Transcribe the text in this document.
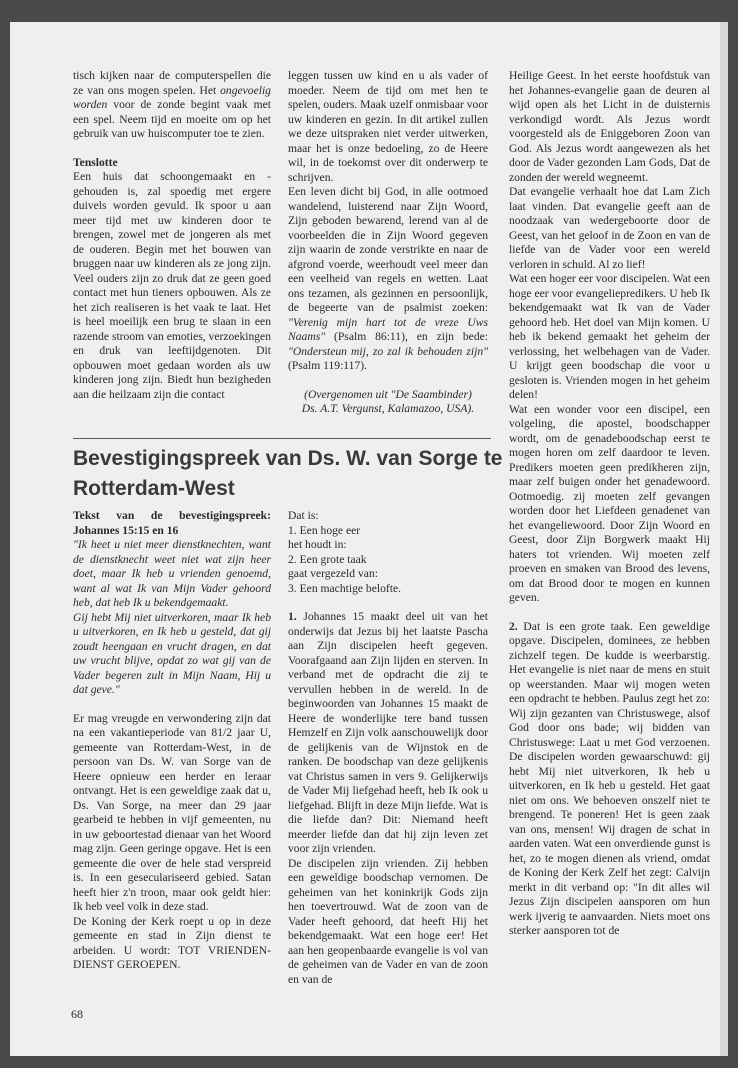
tisch kijken naar de computerspellen die ze van ons mogen spelen. Het ongevoelig worden voor de zonde begint vaak met een spel. Neem tijd en moeite om op het gebruik van uw huiscomputer toe te zien.

Tenslotte

Een huis dat schoongemaakt en - gehouden is, zal spoedig met ergere duivels worden gevuld. Ik spoor u aan meer tijd met uw kinderen door te brengen, zowel met de jongeren als met de ouderen. Begin met het bouwen van bruggen naar uw kinderen als ze jong zijn. Veel ouders zijn zo druk dat ze geen goed contact met hun tieners opbouwen. Als ze het zich realiseren is het vaak te laat. Het is heel moeilijk een brug te slaan in een razende stroom van emoties, verzoekingen en druk van leeftijdgenoten. Dit opbouwen moet gedaan worden als uw kinderen jong zijn. Biedt hun bezigheden aan die heilzaam zijn die contact

leggen tussen uw kind en u als vader of moeder. Neem de tijd om met hen te spelen, ouders. Maak uzelf onmisbaar voor uw kinderen en gezin. In dit artikel zullen we deze uitspraken niet verder uitwerken, maar het is onze bedoeling, zo de Heere wil, in de toekomst over dit onderwerp te schrijven.

Een leven dicht bij God, in alle ootmoed wandelend, luisterend naar Zijn Woord, Zijn geboden bewarend, lerend van al de voorbeelden die in Zijn Woord gegeven zijn waarin de zonde verstrikte en naar de afgrond voerde, weerhoudt veel meer dan een veelheid van regels en wetten. Laat ons tezamen, als gezinnen en persoonlijk, de begeerte van de psalmist zoeken: "Verenig mijn hart tot de vreze Uws Naams" (Psalm 86:11), en zijn bede: "Ondersteun mij, zo zal ik behouden zijn" (Psalm 119:117).

(Overgenomen uit "De Saambinder)
Ds. A.T. Vergunst, Kalamazoo, USA).

Heilige Geest. In het eerste hoofdstuk van het Johannes-evangelie gaan de deuren al wijd open als het Licht in de duisternis verkondigd wordt. Als Jezus wordt voorgesteld als de Eniggeboren Zoon van God. Als Jezus wordt aangewezen als het door de Vader gezonden Lam Gods, Dat de zonden der wereld wegneemt.

Dat evangelie verhaalt hoe dat Lam Zich laat vinden. Dat evangelie geeft aan de noodzaak van wedergeboorte door de Geest, van het geloof in de Zoon en van de liefde van de Vader voor een wereld verloren in schuld. Al zo lief!

Wat een hoger eer voor discipelen. Wat een hoge eer voor evangeliepredikers. U heb Ik bekendgemaakt wat Ik van de Vader gehoord heb. Het doel van Mijn komen. U heb ik bekend gemaakt het geheim der verlossing, het welbehagen van de Vader. U krijgt geen boodschap die voor u gesloten is. Vrienden mogen in het geheim delen!

Wat een wonder voor een discipel, een volgeling, die apostel, boodschapper wordt, om de genadeboodschap eerst te mogen horen om zelf daardoor te leven. Predikers moeten geen predikheren zijn, maar zelf buigen onder het genadewoord. Ootmoedig. zij moeten zelf gevangen worden door het Liefdeen genadenet van het evangeliewoord. Door Zijn Woord en Geest, door Zijn Borgwerk maakt Hij haters tot vrienden. Wij moeten zelf proeven en smaken van Brood des levens, om dat Brood door te mogen en kunnen geven.

2. Dat is een grote taak. Een geweldige opgave. Discipelen, dominees, ze hebben zichzelf tegen. De kudde is weerbarstig. Het evangelie is niet naar de mens en stuit op weerstanden. Maar wij mogen weten een opdracht te hebben. Paulus zegt het zo: Wij zijn gezanten van Christuswege, alsof God door ons bade; wij bidden van Christuswege: Laat u met God verzoenen. De discipelen worden gewaarschuwd: gij hebt Mij niet uitverkoren, Ik heb u uitverkoren, en Ik heb u gesteld. Het gaat niet om ons. We behoeven onszelf niet te brengend. Te poneren! Het is geen zaak van ons, mensen! Wij dragen de schat in aarden vaten. Wat een onverdiende gunst is het, zo te mogen dienen als vriend, omdat de Koning der Kerk Zelf het zegt: Calvijn merkt in dit verband op: "In dit alles wil Jezus Zijn discipelen aansporen om hun werk ijverig te aanvaarden. Niets moet ons sterker aansporen tot de

Bevestigingspreek van Ds. W. van Sorge te Rotterdam-West

Tekst van de bevestigingspreek: Johannes 15:15 en 16

"Ik heet u niet meer dienstknechten, want de dienstknecht weet niet wat zijn heer doet, maar Ik heb u vrienden genoemd, want al wat Ik van Mijn Vader gehoord heb, dat heb Ik u bekendgemaakt.

Gij hebt Mij niet uitverkoren, maar Ik heb u uitverkoren, en Ik heb u gesteld, dat gij zoudt heengaan en vrucht dragen, en dat uw vrucht blijve, opdat zo wat gij van de Vader begeren zult in Mijn Naam, Hij u dat geve."

Er mag vreugde en verwondering zijn dat na een vakantieperiode van 81/2 jaar U, gemeente van Rotterdam-West, in de persoon van Ds. W. van Sorge van de Heere opnieuw een herder en leraar ontvangt. Het is een geweldige zaak dat u, Ds. Van Sorge, na meer dan 29 jaar gearbeid te hebben in vijf gemeenten, nu in uw geboortestad dienaar van het Woord mag zijn. Geen geringe opgave. Het is een gemeente die over de hele stad verspreid is. In een geseculariseerd gebied. Satan heeft hier z'n troon, maar ook geldt hier: Ik heb veel volk in deze stad.

De Koning der Kerk roept u op in deze gemeente en stad in Zijn dienst te arbeiden. U wordt: TOT VRIENDEN-DIENST GEROEPEN.

Dat is:

1. Een hoge eer

het houdt in:

2. Een grote taak

gaat vergezeld van:

3. Een machtige belofte.

1. Johannes 15 maakt deel uit van het onderwijs dat Jezus bij het laatste Pascha aan Zijn discipelen heeft gegeven. Voorafgaand aan Zijn lijden en sterven. In verband met de opdracht die zij te vervullen hebben in de wereld. In de beginwoorden van Johannes 15 maakt de Heere de wonderlijke tere band tussen Hemzelf en Zijn volk aanschouwelijk door de gelijkenis van de Wijnstok en de ranken. De boodschap van deze gelijkenis vat Christus samen in vers 9. Gelijkerwijs de Vader Mij liefgehad heeft, heb Ik ook u liefgehad. Blijft in deze Mijn liefde. Wat is die liefde dan? Dit: Niemand heeft meerder liefde dan dat hij zijn leven zet voor zijn vrienden.

De discipelen zijn vrienden. Zij hebben een geweldige boodschap vernomen. De geheimen van het koninkrijk Gods zijn hen toevertrouwd. Wat de zoon van de Vader heeft gehoord, dat heeft Hij het bekendgemaakt. Wat een hoge eer! Het aan hen geopenbaarde evangelie is vol van de geheimen van de Vader en van de zoon en van de

68
